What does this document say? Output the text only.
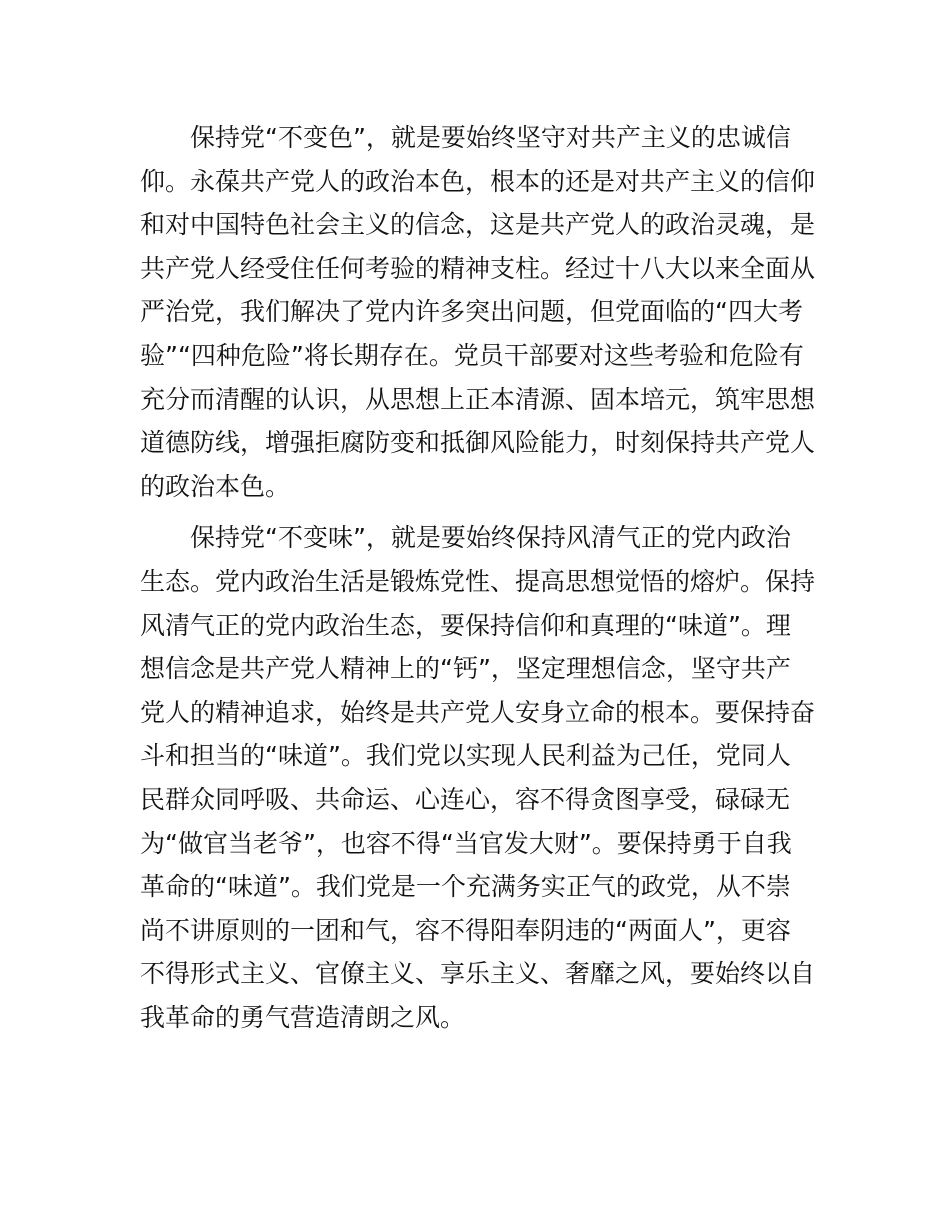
　　保持党“不变色”，就是要始终坚守对共产主义的忠诚信
仰。永葆共产党人的政治本色，根本的还是对共产主义的信仰
和对中国特色社会主义的信念，这是共产党人的政治灵魂，是
共产党人经受住任何考验的精神支柱。经过十八大以来全面从
严治党，我们解决了党内许多突出问题，但党面临的“四大考
验”“四种危险”将长期存在。党员干部要对这些考验和危险有
充分而清醒的认识，从思想上正本清源、固本培元，筑牢思想
道德防线，增强拒腐防变和抵御风险能力，时刻保持共产党人
的政治本色。
　　保持党“不变味”，就是要始终保持风清气正的党内政治
生态。党内政治生活是锻炼党性、提高思想觉悟的熔炉。保持
风清气正的党内政治生态，要保持信仰和真理的“味道”。理
想信念是共产党人精神上的“钙”，坚定理想信念，坚守共产
党人的精神追求，始终是共产党人安身立命的根本。要保持奋
斗和担当的“味道”。我们党以实现人民利益为己任，党同人
民群众同呼吸、共命运、心连心，容不得贪图享受，碌碌无
为“做官当老爷”，也容不得“当官发大财”。要保持勇于自我
革命的“味道”。我们党是一个充满务实正气的政党，从不崇
尚不讲原则的一团和气，容不得阳奉阴违的“两面人”，更容
不得形式主义、官僚主义、享乐主义、奢靡之风，要始终以自
我革命的勇气营造清朗之风。
